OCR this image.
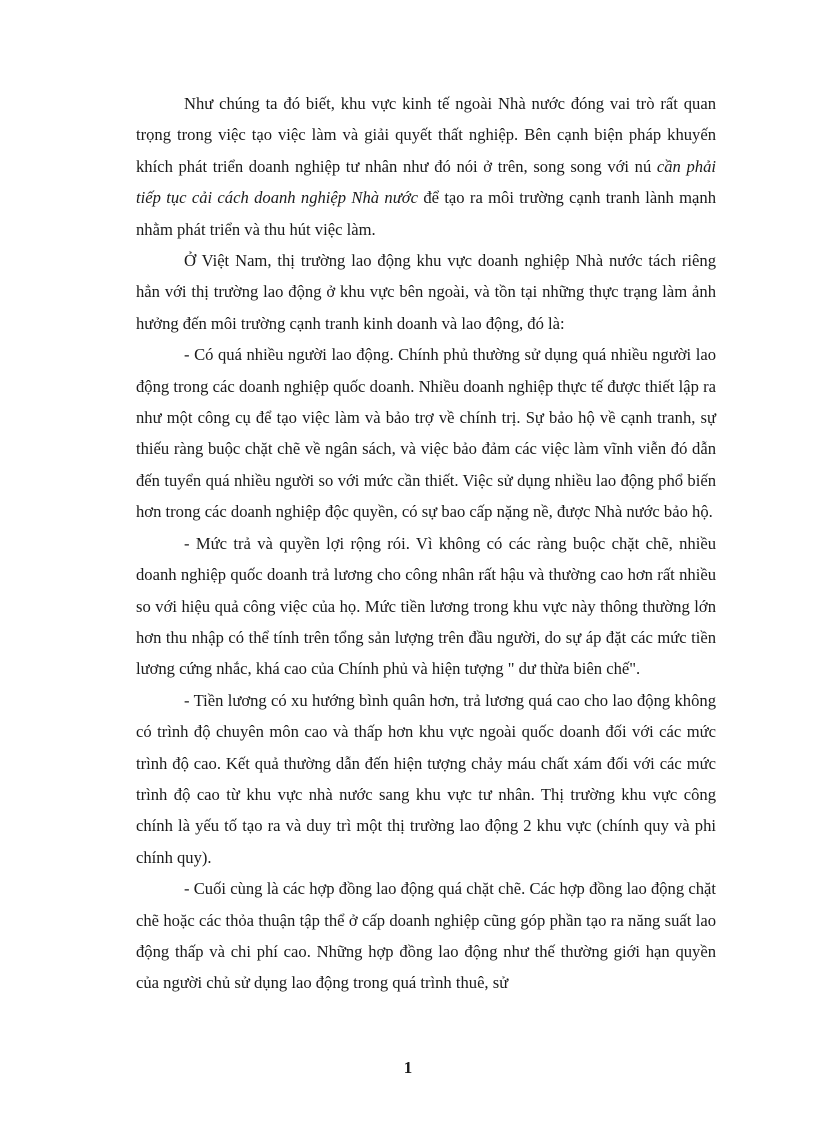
Như chúng ta đó biết, khu vực kinh tế ngoài Nhà nước đóng vai trò rất quan trọng trong việc tạo việc làm và giải quyết thất nghiệp. Bên cạnh biện pháp khuyến khích phát triển doanh nghiệp tư nhân như đó nói ở trên, song song với nú cần phải tiếp tục cải cách doanh nghiệp Nhà nước để tạo ra môi trường cạnh tranh lành mạnh nhằm phát triển và thu hút việc làm.

Ở Việt Nam, thị trường lao động khu vực doanh nghiệp Nhà nước tách riêng hẳn với thị trường lao động ở khu vực bên ngoài, và tồn tại những thực trạng làm ảnh hưởng đến môi trường cạnh tranh kinh doanh và lao động, đó là:

- Có quá nhiều người lao động. Chính phủ thường sử dụng quá nhiều người lao động trong các doanh nghiệp quốc doanh. Nhiều doanh nghiệp thực tế được thiết lập ra như một công cụ để tạo việc làm và bảo trợ về chính trị. Sự bảo hộ về cạnh tranh, sự thiếu ràng buộc chặt chẽ về ngân sách, và việc bảo đảm các việc làm vĩnh viễn đó dẫn đến tuyển quá nhiều người so với mức cần thiết. Việc sử dụng nhiều lao động phổ biến hơn trong các doanh nghiệp độc quyền, có sự bao cấp nặng nề, được Nhà nước bảo hộ.

- Mức trả và quyền lợi rộng rói. Vì không có các ràng buộc chặt chẽ, nhiều doanh nghiệp quốc doanh trả lương cho công nhân rất hậu và thường cao hơn rất nhiều so với hiệu quả công việc của họ. Mức tiền lương trong khu vực này thông thường lớn hơn thu nhập có thể tính trên tổng sản lượng trên đầu người, do sự áp đặt các mức tiền lương cứng nhắc, khá cao của Chính phủ và hiện tượng " dư thừa biên chế".

- Tiền lương có xu hướng bình quân hơn, trả lương quá cao cho lao động không có trình độ chuyên môn cao và thấp hơn khu vực ngoài quốc doanh đối với các mức trình độ cao. Kết quả thường dẫn đến hiện tượng chảy máu chất xám đối với các mức trình độ cao từ khu vực nhà nước sang khu vực tư nhân. Thị trường khu vực công chính là yếu tố tạo ra và duy trì một thị trường lao động 2 khu vực (chính quy và phi chính quy).

- Cuối cùng là các hợp đồng lao động quá chặt chẽ. Các hợp đồng lao động chặt chẽ hoặc các thỏa thuận tập thể ở cấp doanh nghiệp cũng góp phần tạo ra năng suất lao động thấp và chi phí cao. Những hợp đồng lao động như thế thường giới hạn quyền của người chủ sử dụng lao động trong quá trình thuê, sử

1
